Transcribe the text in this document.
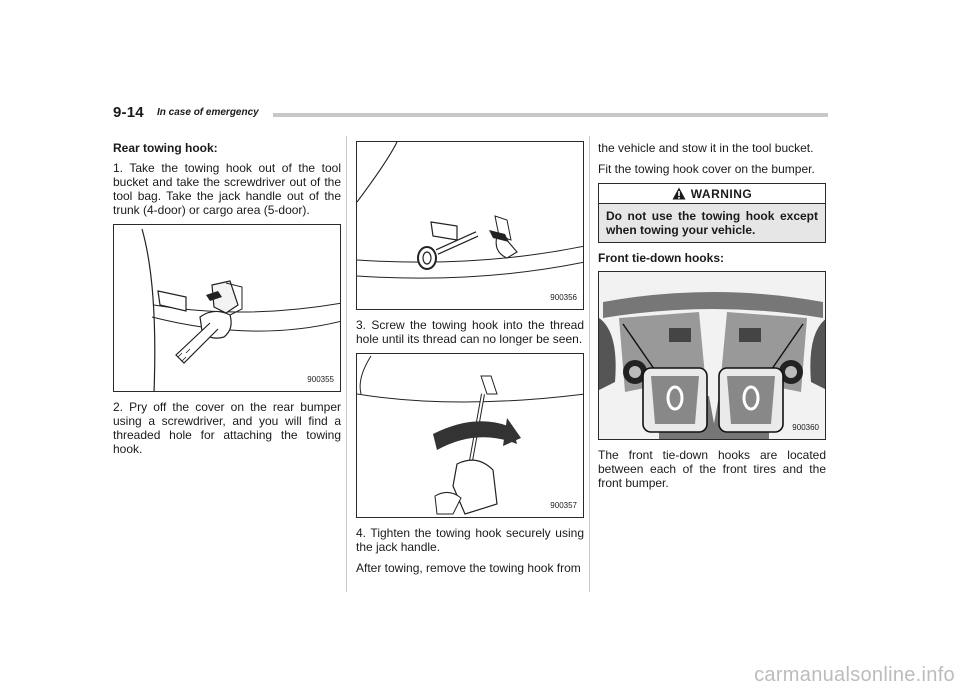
9-14 In case of emergency

Rear towing hook:

1. Take the towing hook out of the tool bucket and take the screwdriver out of the tool bag. Take the jack handle out of the trunk (4-door) or cargo area (5-door).

900355

2. Pry off the cover on the rear bumper using a screwdriver, and you will find a threaded hole for attaching the towing hook.

900356

3. Screw the towing hook into the thread hole until its thread can no longer be seen.

900357

4. Tighten the towing hook securely using the jack handle.

After towing, remove the towing hook from

the vehicle and stow it in the tool bucket.

Fit the towing hook cover on the bumper.

WARNING
Do not use the towing hook except when towing your vehicle.

Front tie-down hooks:

900360

The front tie-down hooks are located between each of the front tires and the front bumper.

carmanualsonline.info
